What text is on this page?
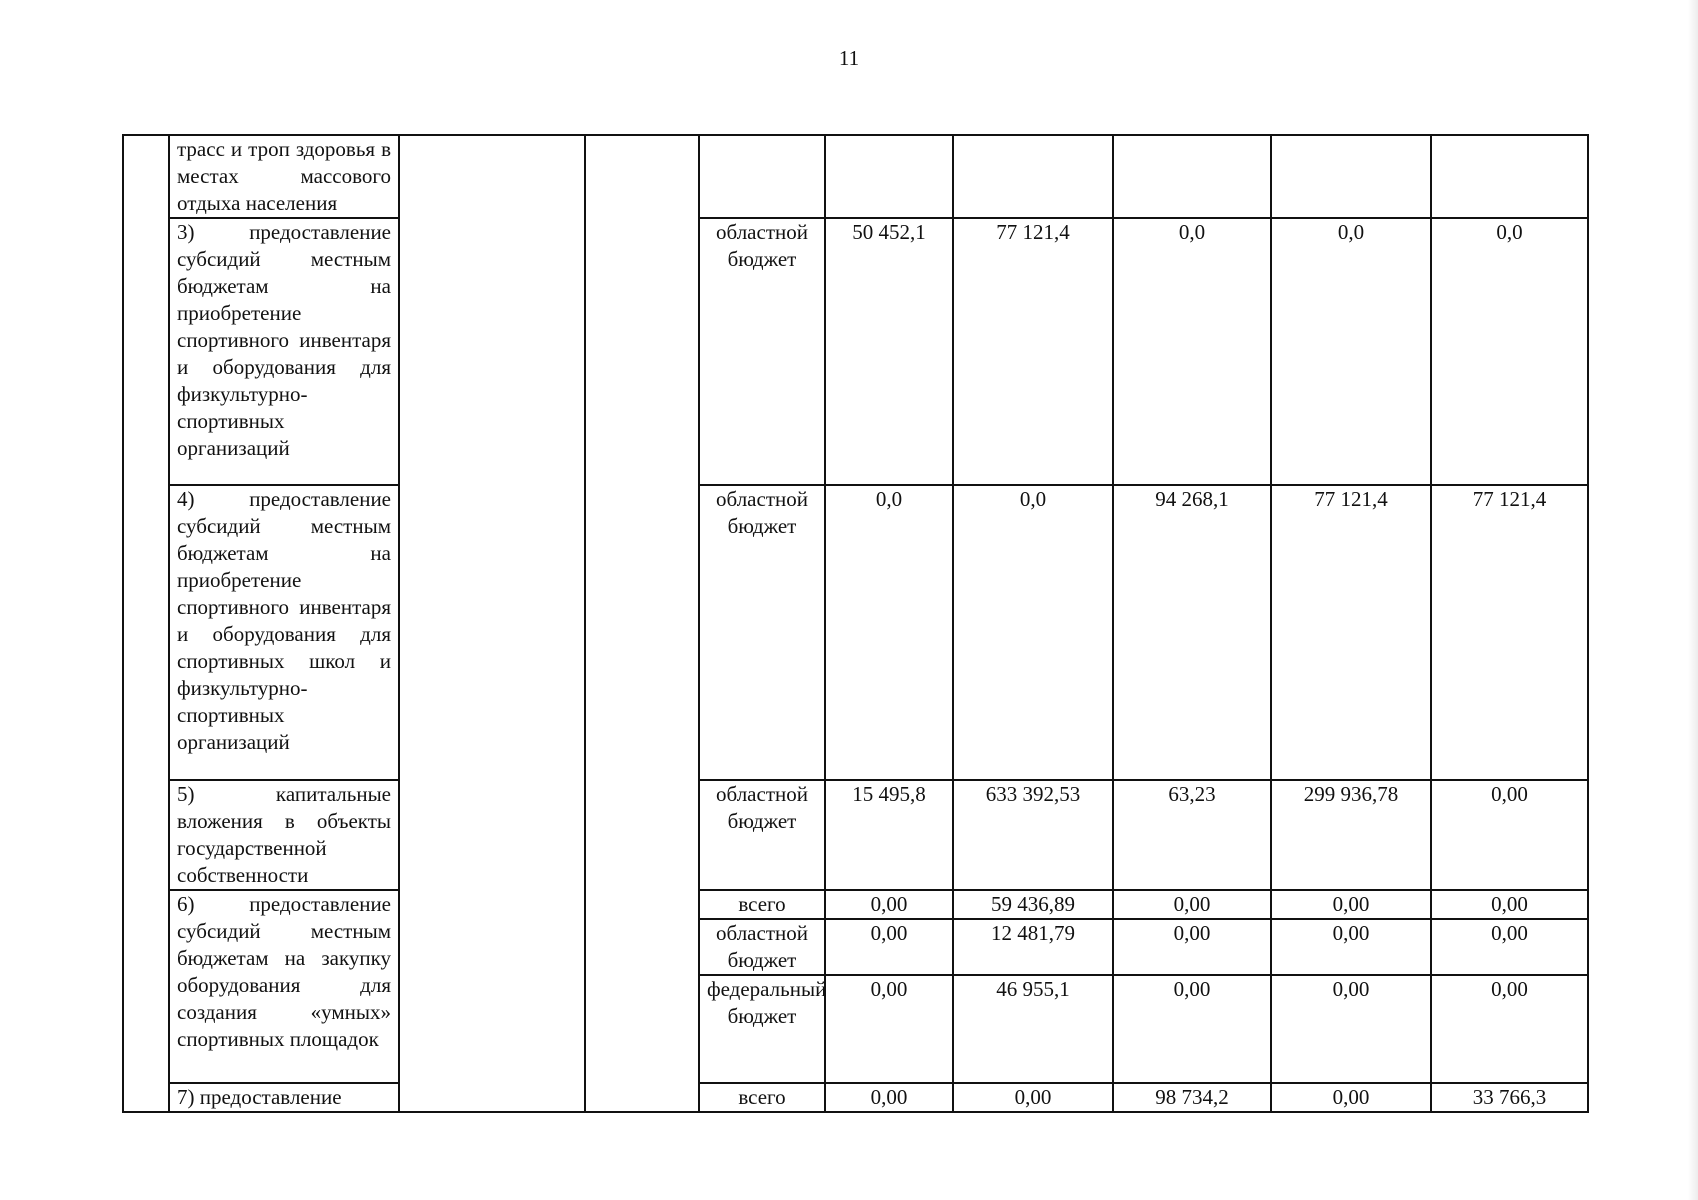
11
	трасс и троп здоровья в местах массового отдыха населения								
	3) предоставление субсидий местным бюджетам на приобретение спортивного инвентаря и оборудования для физкультурно-спортивных организаций			областной бюджет	50 452,1	77 121,4	0,0	0,0	0,0
	4) предоставление субсидий местным бюджетам на приобретение спортивного инвентаря и оборудования для спортивных школ и физкультурно-спортивных организаций			областной бюджет	0,0	0,0	94 268,1	77 121,4	77 121,4
	5) капитальные вложения в объекты государственной собственности			областной бюджет	15 495,8	633 392,53	63,23	299 936,78	0,00
	6) предоставление субсидий местным бюджетам на закупку оборудования для создания «умных» спортивных площадок			всего	0,00	59 436,89	0,00	0,00	0,00
				областной бюджет	0,00	12 481,79	0,00	0,00	0,00
				федеральный бюджет	0,00	46 955,1	0,00	0,00	0,00
	7) предоставление			всего	0,00	0,00	98 734,2	0,00	33 766,3
